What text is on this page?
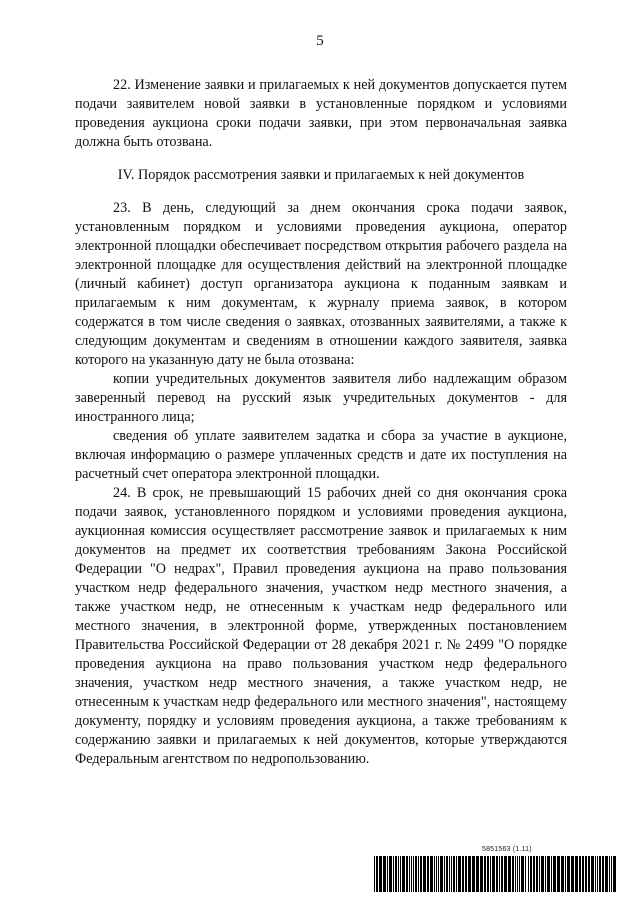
5

22. Изменение заявки и прилагаемых к ней документов допускается путем подачи заявителем новой заявки в установленные порядком и условиями проведения аукциона сроки подачи заявки, при этом первоначальная заявка должна быть отозвана.

IV. Порядок рассмотрения заявки и прилагаемых к ней документов

23. В день, следующий за днем окончания срока подачи заявок, установленным порядком и условиями проведения аукциона, оператор электронной площадки обеспечивает посредством открытия рабочего раздела на электронной площадке для осуществления действий на электронной площадке (личный кабинет) доступ организатора аукциона к поданным заявкам и прилагаемым к ним документам, к журналу приема заявок, в котором содержатся в том числе сведения о заявках, отозванных заявителями, а также к следующим документам и сведениям в отношении каждого заявителя, заявка которого на указанную дату не была отозвана:

копии учредительных документов заявителя либо надлежащим образом заверенный перевод на русский язык учредительных документов - для иностранного лица;

сведения об уплате заявителем задатка и сбора за участие в аукционе, включая информацию о размере уплаченных средств и дате их поступления на расчетный счет оператора электронной площадки.

24. В срок, не превышающий 15 рабочих дней со дня окончания срока подачи заявок, установленного порядком и условиями проведения аукциона, аукционная комиссия осуществляет рассмотрение заявок и прилагаемых к ним документов на предмет их соответствия требованиям Закона Российской Федерации "О недрах", Правил проведения аукциона на право пользования участком недр федерального значения, участком недр местного значения, а также участком недр, не отнесенным к участкам недр федерального или местного значения, в электронной форме, утвержденных постановлением Правительства Российской Федерации от 28 декабря 2021 г. № 2499 "О порядке проведения аукциона на право пользования участком недр федерального значения, участком недр местного значения, а также участком недр, не отнесенным к участкам недр федерального или местного значения", настоящему документу, порядку и условиям проведения аукциона, а также требованиям к содержанию заявки и прилагаемых к ней документов, которые утверждаются Федеральным агентством по недропользованию.

5851563 (1.11)
